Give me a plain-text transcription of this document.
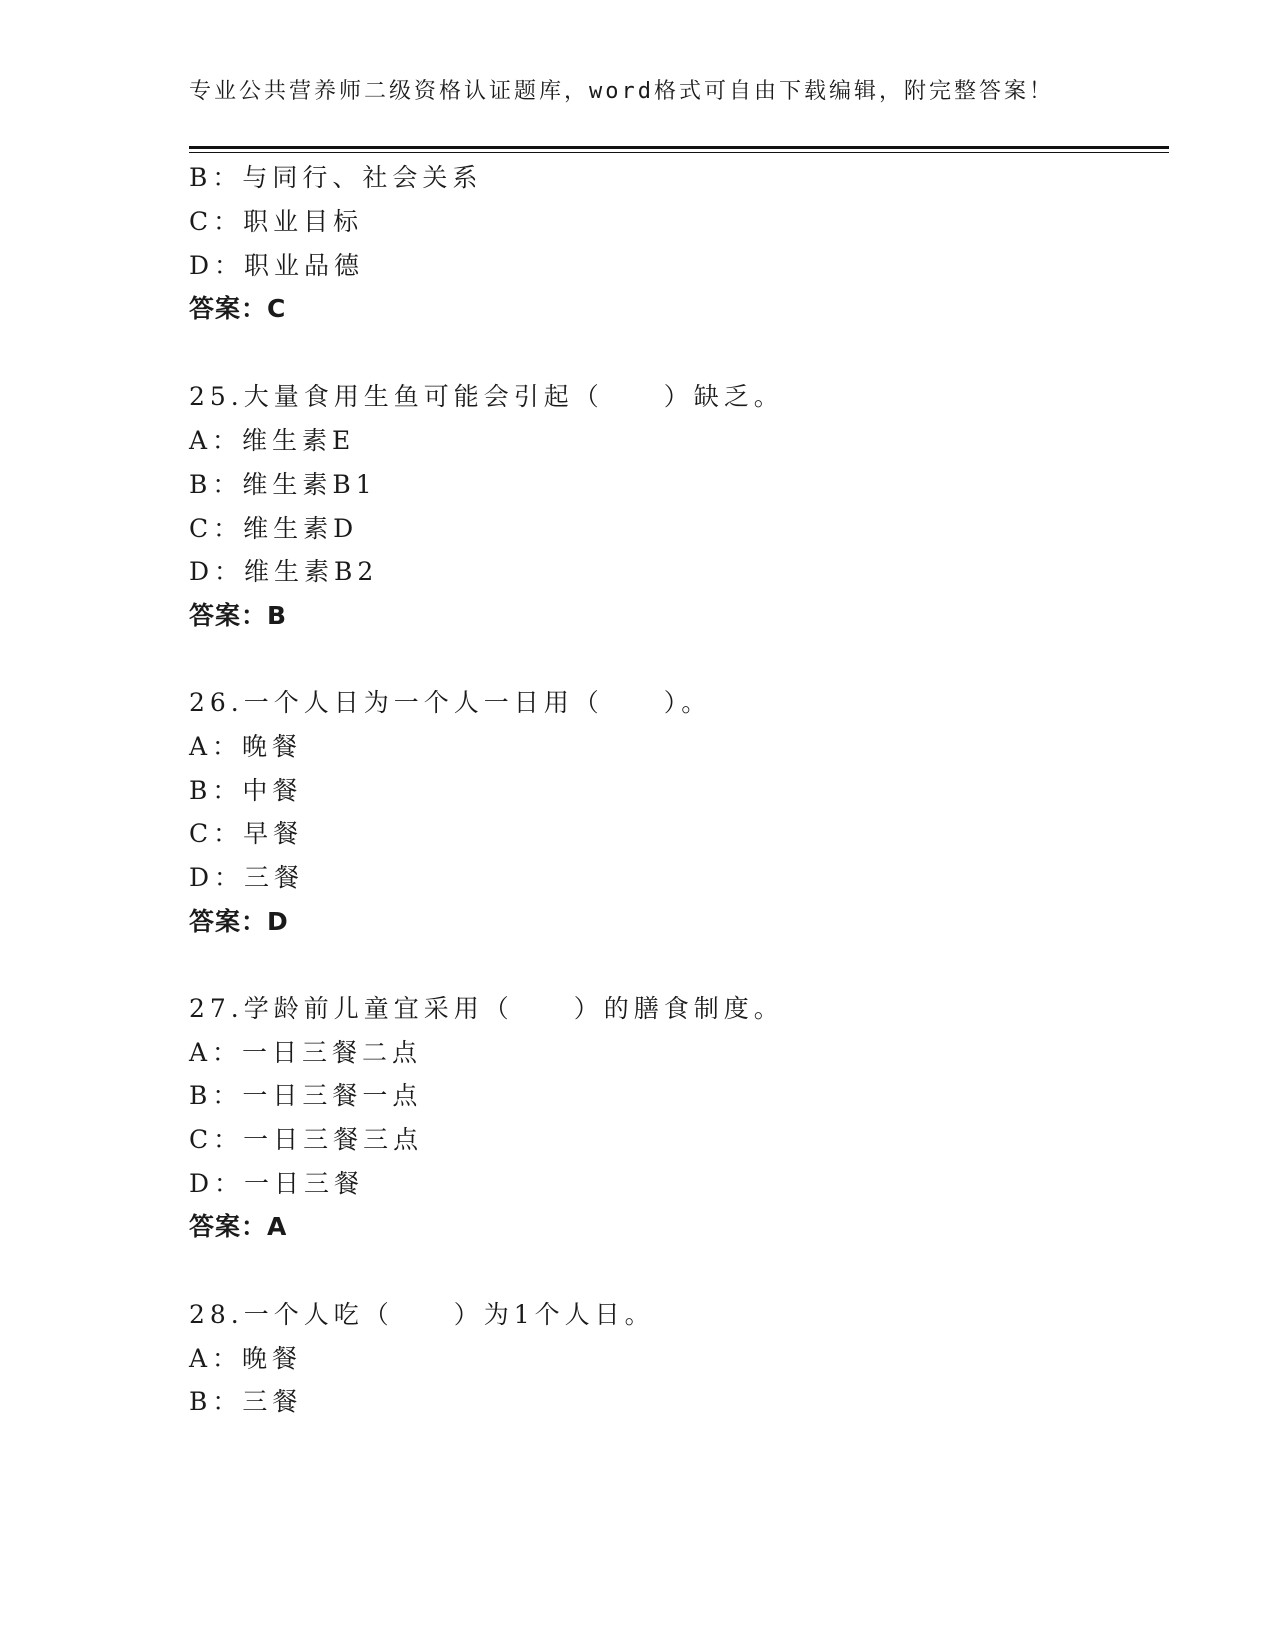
专业公共营养师二级资格认证题库，word格式可自由下载编辑，附完整答案！
B：与同行、社会关系
C：职业目标
D：职业品德
答案：C
25.大量食用生鱼可能会引起（　　）缺乏。
A：维生素E
B：维生素B1
C：维生素D
D：维生素B2
答案：B
26.一个人日为一个人一日用（　　）。
A：晚餐
B：中餐
C：早餐
D：三餐
答案：D
27.学龄前儿童宜采用（　　）的膳食制度。
A：一日三餐二点
B：一日三餐一点
C：一日三餐三点
D：一日三餐
答案：A
28.一个人吃（　　）为1个人日。
A：晚餐
B：三餐
